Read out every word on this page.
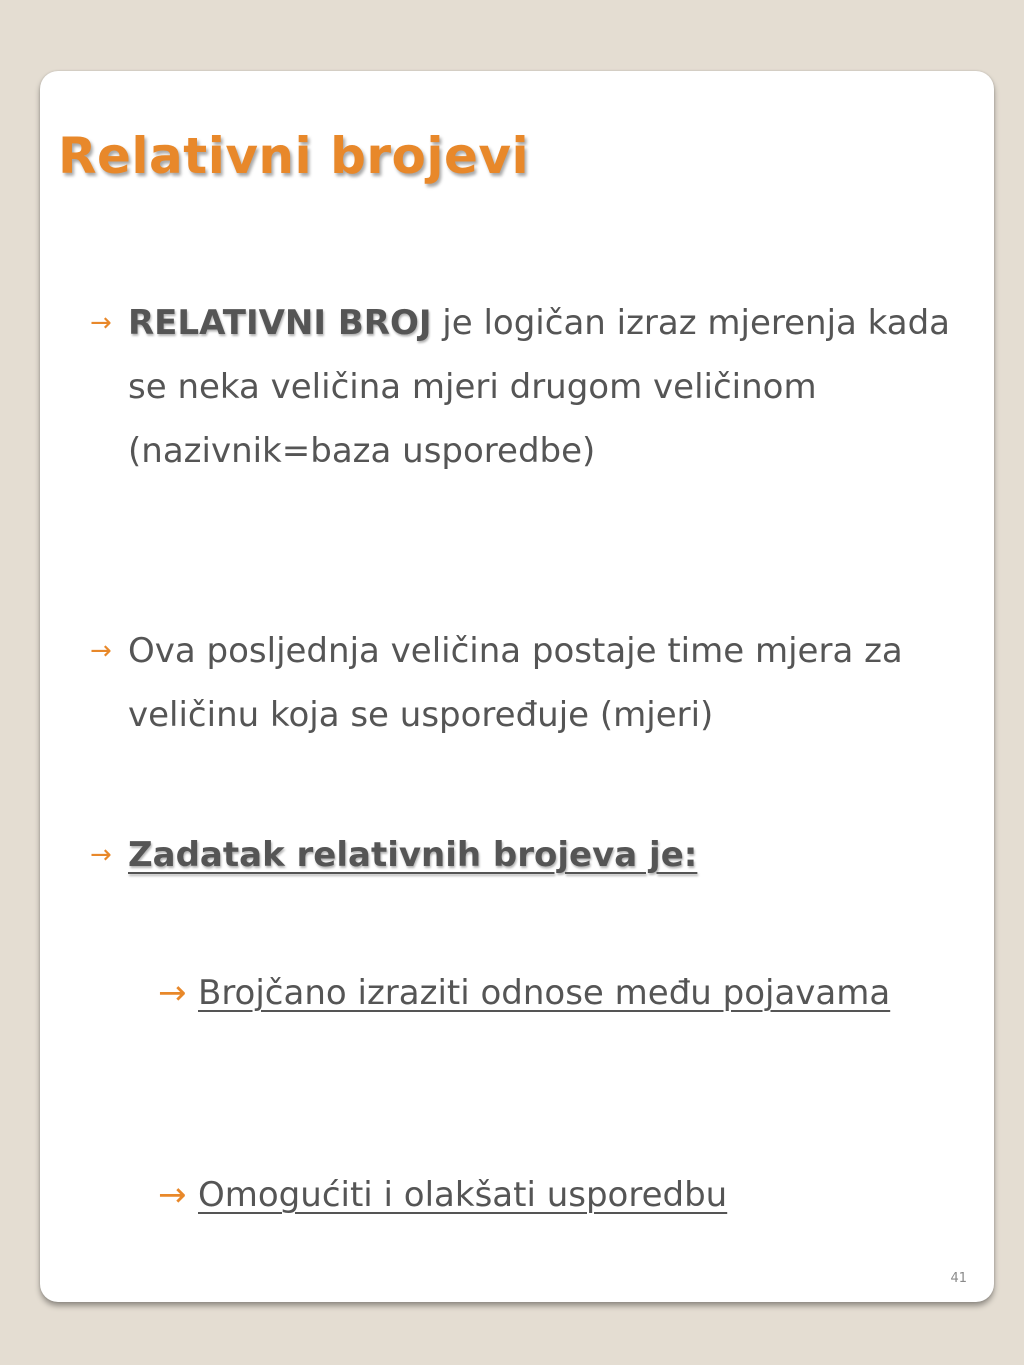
Relativni brojevi
→ RELATIVNI BROJ je logičan izraz mjerenja kada se neka veličina mjeri drugom veličinom (nazivnik=baza usporedbe)
→ Ova posljednja veličina postaje time mjera za veličinu koja se uspoređuje (mjeri)
→ Zadatak relativnih brojeva je:
→ Brojčano izraziti odnose među pojavama
→ Omogućiti i olakšati usporedbu
41
